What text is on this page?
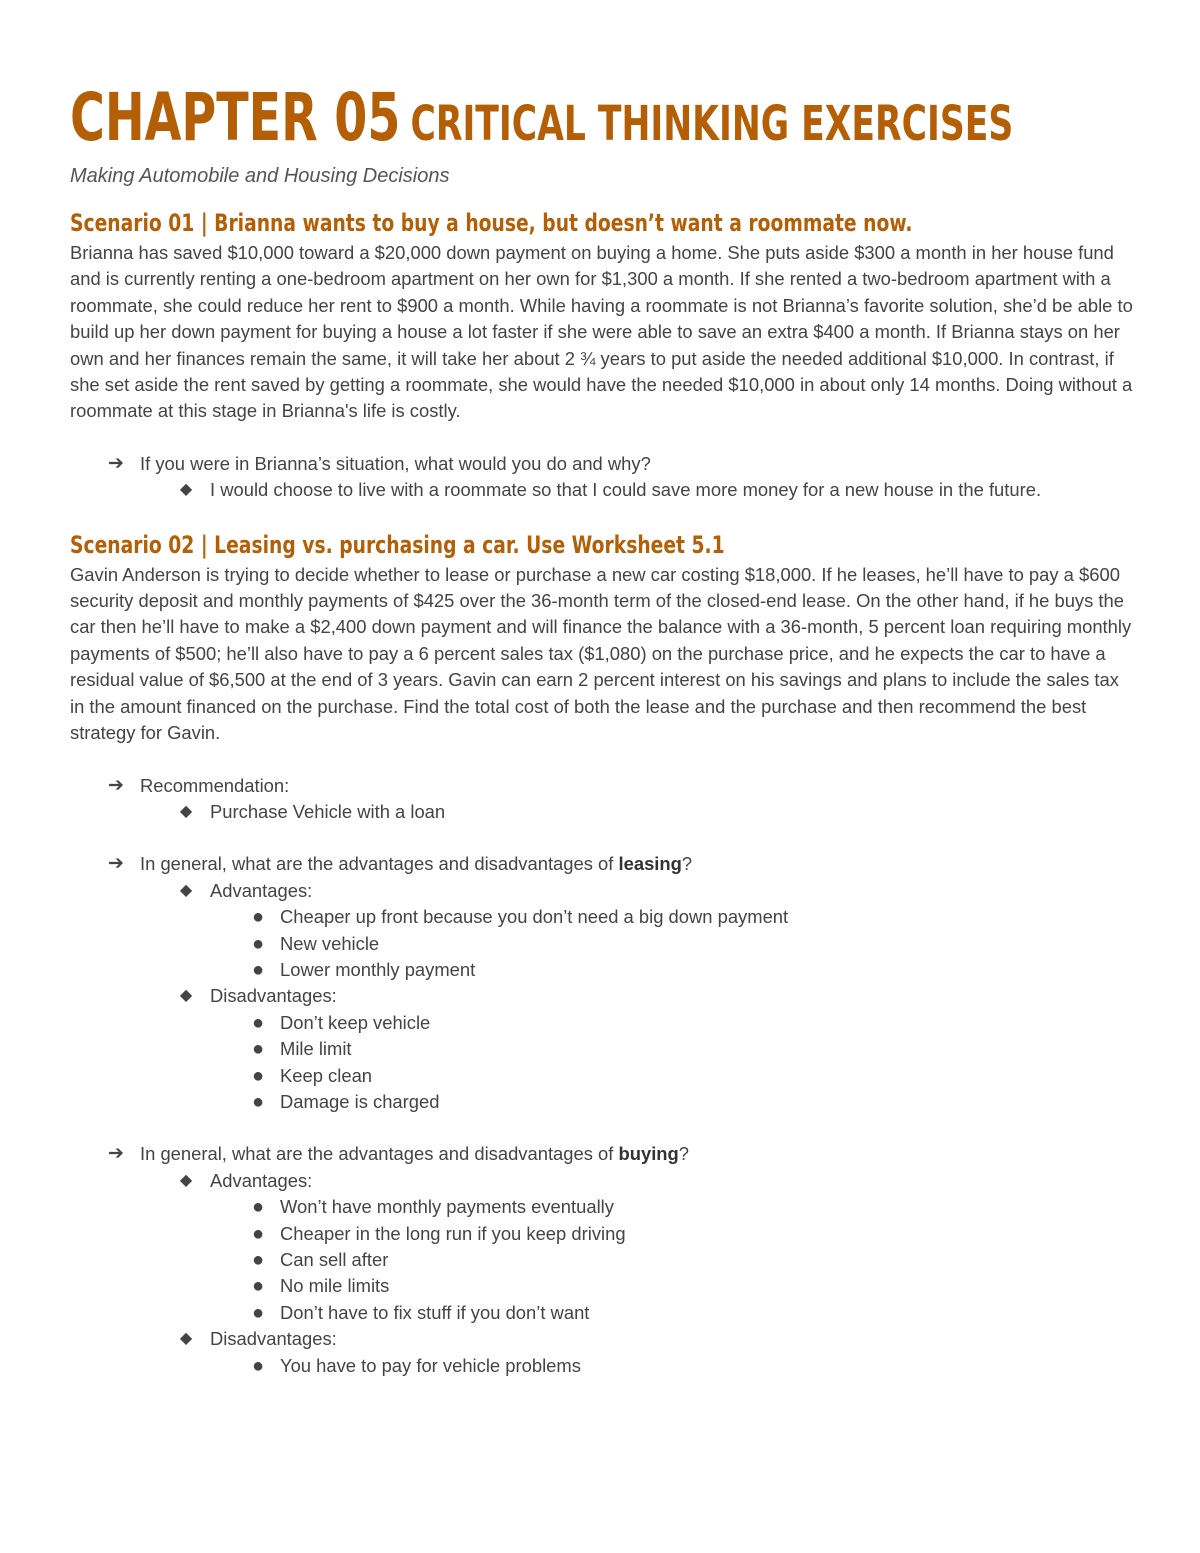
CHAPTER 05 CRITICAL THINKING EXERCISES

Making Automobile and Housing Decisions

Scenario 01 | Brianna wants to buy a house, but doesn’t want a roommate now.

Brianna has saved $10,000 toward a $20,000 down payment on buying a home. She puts aside $300 a month in her house fund and is currently renting a one-bedroom apartment on her own for $1,300 a month. If she rented a two-bedroom apartment with a roommate, she could reduce her rent to $900 a month. While having a roommate is not Brianna’s favorite solution, she’d be able to build up her down payment for buying a house a lot faster if she were able to save an extra $400 a month. If Brianna stays on her own and her finances remain the same, it will take her about 2 ¾ years to put aside the needed additional $10,000. In contrast, if she set aside the rent saved by getting a roommate, she would have the needed $10,000 in about only 14 months. Doing without a roommate at this stage in Brianna's life is costly.

➔ If you were in Brianna’s situation, what would you do and why?
◆ I would choose to live with a roommate so that I could save more money for a new house in the future.
Scenario 02 | Leasing vs. purchasing a car. Use Worksheet 5.1

Gavin Anderson is trying to decide whether to lease or purchase a new car costing $18,000. If he leases, he’ll have to pay a $600 security deposit and monthly payments of $425 over the 36-month term of the closed-end lease. On the other hand, if he buys the car then he’ll have to make a $2,400 down payment and will finance the balance with a 36-month, 5 percent loan requiring monthly payments of $500; he’ll also have to pay a 6 percent sales tax ($1,080) on the purchase price, and he expects the car to have a residual value of $6,500 at the end of 3 years. Gavin can earn 2 percent interest on his savings and plans to include the sales tax in the amount financed on the purchase. Find the total cost of both the lease and the purchase and then recommend the best strategy for Gavin.

➔ Recommendation:
◆ Purchase Vehicle with a loan
➔ In general, what are the advantages and disadvantages of leasing?
◆ Advantages:
● Cheaper up front because you don’t need a big down payment
● New vehicle
● Lower monthly payment
◆ Disadvantages:
● Don’t keep vehicle
● Mile limit
● Keep clean
● Damage is charged
➔ In general, what are the advantages and disadvantages of buying?
◆ Advantages:
● Won’t have monthly payments eventually
● Cheaper in the long run if you keep driving
● Can sell after
● No mile limits
● Don’t have to fix stuff if you don’t want
◆ Disadvantages:
● You have to pay for vehicle problems
